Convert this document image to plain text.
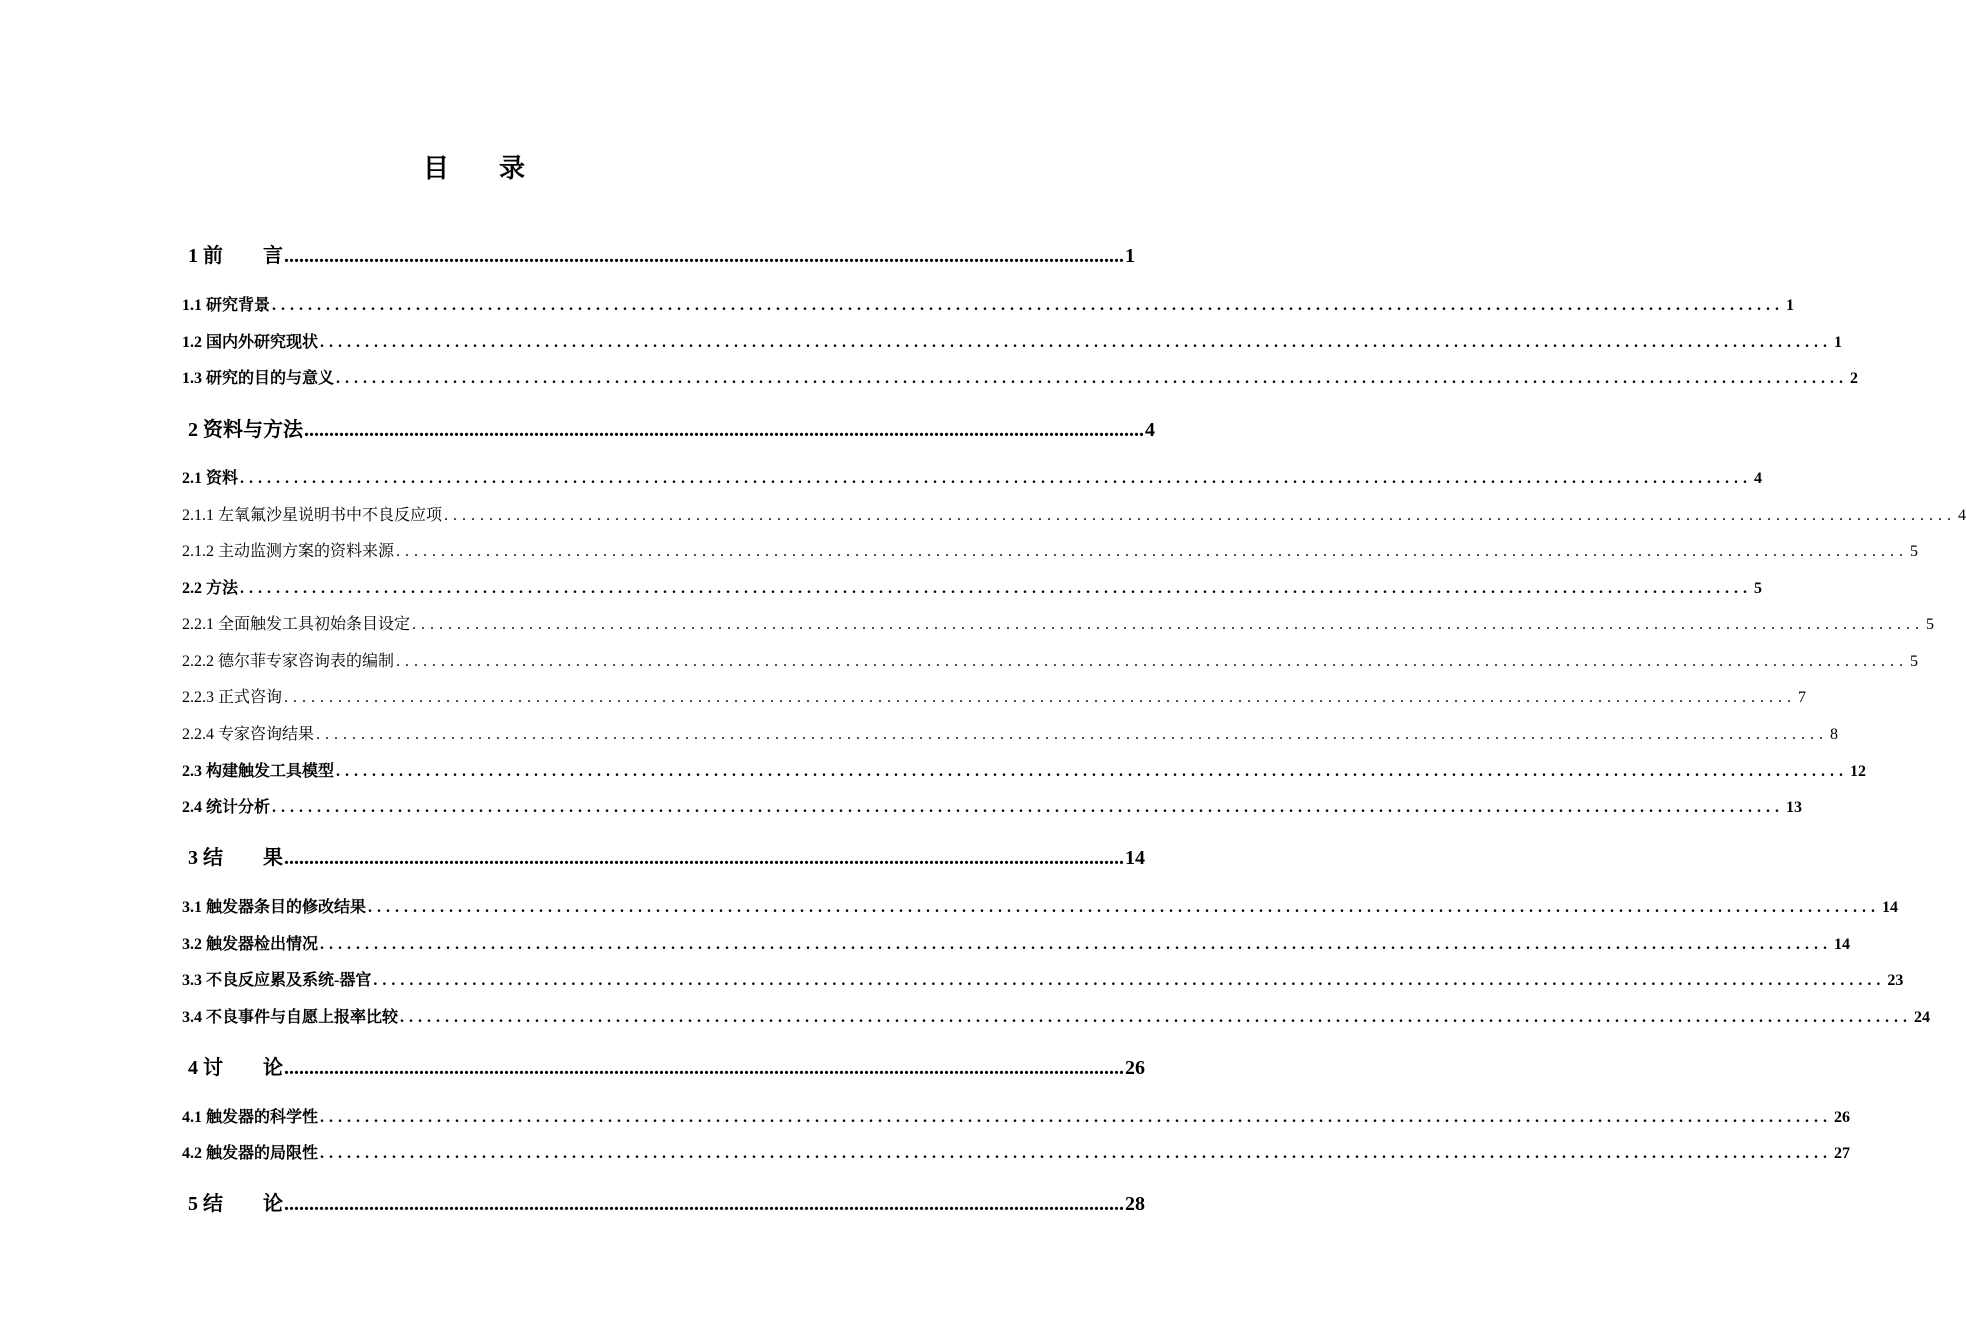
目 录
1 前 言 ........................................................................................................................................................................ 1
1.1 研究背景 ........................................................................................................................................................................ 1
1.2 国内外研究现状 ........................................................................................................................................................................ 1
1.3 研究的目的与意义 ........................................................................................................................................................................ 2
2 资料与方法 ........................................................................................................................................................................ 4
2.1 资料 ........................................................................................................................................................................ 4
2.1.1 左氧氟沙星说明书中不良反应项 ........................................................................................................................................................................ 4
2.1.2 主动监测方案的资料来源 ........................................................................................................................................................................ 5
2.2 方法 ........................................................................................................................................................................ 5
2.2.1 全面触发工具初始条目设定 ........................................................................................................................................................................ 5
2.2.2 德尔菲专家咨询表的编制 ........................................................................................................................................................................ 5
2.2.3 正式咨询 ........................................................................................................................................................................ 7
2.2.4 专家咨询结果 ........................................................................................................................................................................ 8
2.3 构建触发工具模型 ........................................................................................................................................................................ 12
2.4 统计分析 ........................................................................................................................................................................ 13
3 结 果 ........................................................................................................................................................................ 14
3.1 触发器条目的修改结果 ........................................................................................................................................................................ 14
3.2 触发器检出情况 ........................................................................................................................................................................ 14
3.3 不良反应累及系统-器官 ........................................................................................................................................................................ 23
3.4 不良事件与自愿上报率比较 ........................................................................................................................................................................ 24
4 讨 论 ........................................................................................................................................................................ 26
4.1 触发器的科学性 ........................................................................................................................................................................ 26
4.2 触发器的局限性 ........................................................................................................................................................................ 27
5 结 论 ........................................................................................................................................................................ 28
